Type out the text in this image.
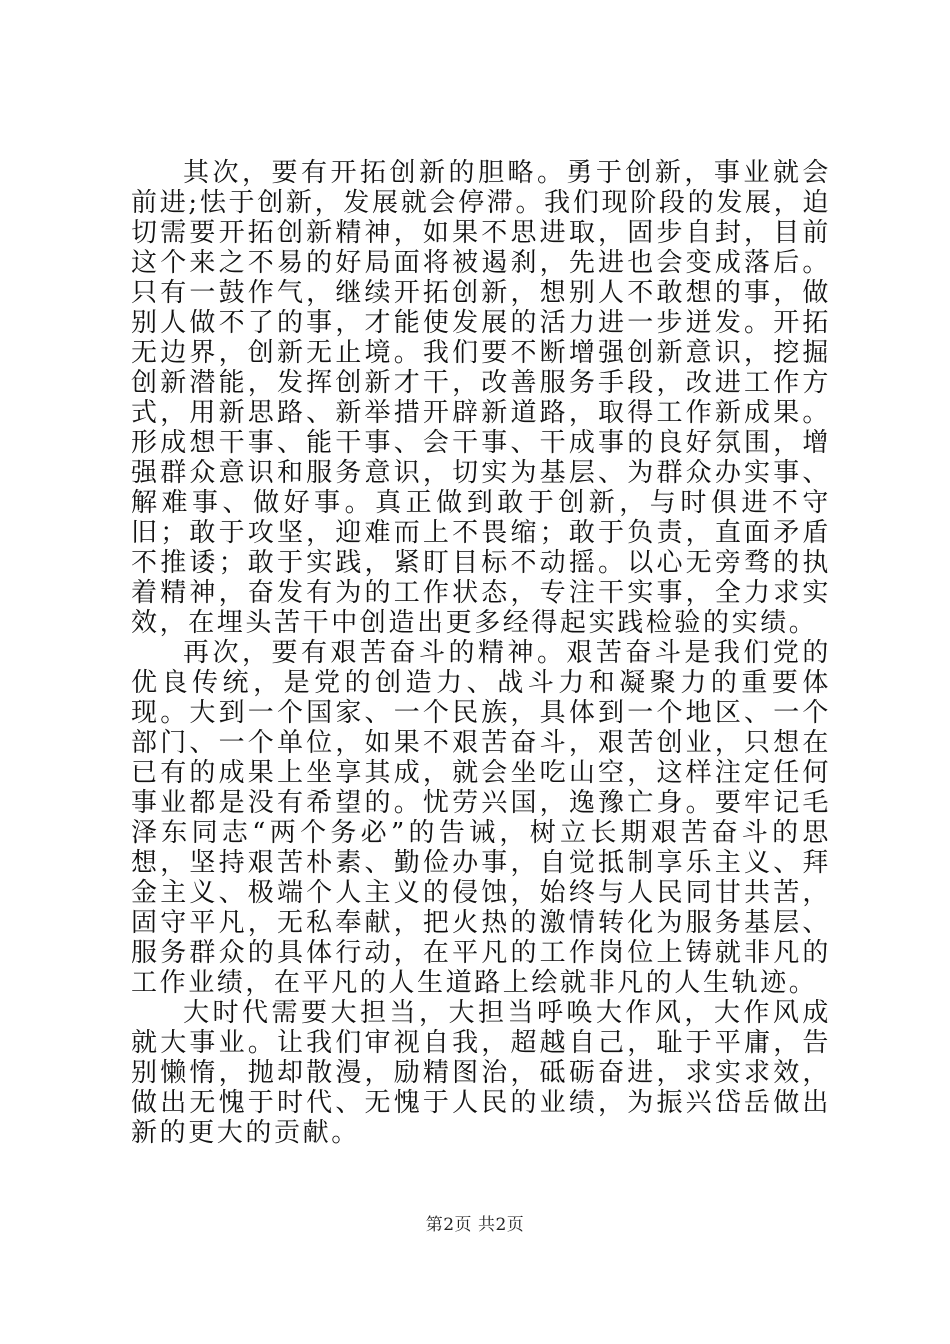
其次，要有开拓创新的胆略。勇于创新，事业就会前进;怯于创新，发展就会停滞。我们现阶段的发展，迫切需要开拓创新精神，如果不思进取，固步自封，目前这个来之不易的好局面将被遏刹，先进也会变成落后。只有一鼓作气，继续开拓创新，想别人不敢想的事，做别人做不了的事，才能使发展的活力进一步迸发。开拓无边界，创新无止境。我们要不断增强创新意识，挖掘创新潜能，发挥创新才干，改善服务手段，改进工作方式，用新思路、新举措开辟新道路，取得工作新成果。形成想干事、能干事、会干事、干成事的良好氛围，增强群众意识和服务意识，切实为基层、为群众办实事、解难事、做好事。真正做到敢于创新，与时俱进不守旧；敢于攻坚，迎难而上不畏缩；敢于负责，直面矛盾不推诿；敢于实践，紧盯目标不动摇。以心无旁骛的执着精神，奋发有为的工作状态，专注干实事，全力求实效，在埋头苦干中创造出更多经得起实践检验的实绩。

再次，要有艰苦奋斗的精神。艰苦奋斗是我们党的优良传统，是党的创造力、战斗力和凝聚力的重要体现。大到一个国家、一个民族，具体到一个地区、一个部门、一个单位，如果不艰苦奋斗，艰苦创业，只想在已有的成果上坐享其成，就会坐吃山空，这样注定任何事业都是没有希望的。忧劳兴国，逸豫亡身。要牢记毛泽东同志“两个务必”的告诫，树立长期艰苦奋斗的思想，坚持艰苦朴素、勤俭办事，自觉抵制享乐主义、拜金主义、极端个人主义的侵蚀，始终与人民同甘共苦，固守平凡，无私奉献，把火热的激情转化为服务基层、服务群众的具体行动，在平凡的工作岗位上铸就非凡的工作业绩，在平凡的人生道路上绘就非凡的人生轨迹。

大时代需要大担当，大担当呼唤大作风，大作风成就大事业。让我们审视自我，超越自己，耻于平庸，告别懒惰，抛却散漫，励精图治，砥砺奋进，求实求效，做出无愧于时代、无愧于人民的业绩，为振兴岱岳做出新的更大的贡献。

第2页 共2页
